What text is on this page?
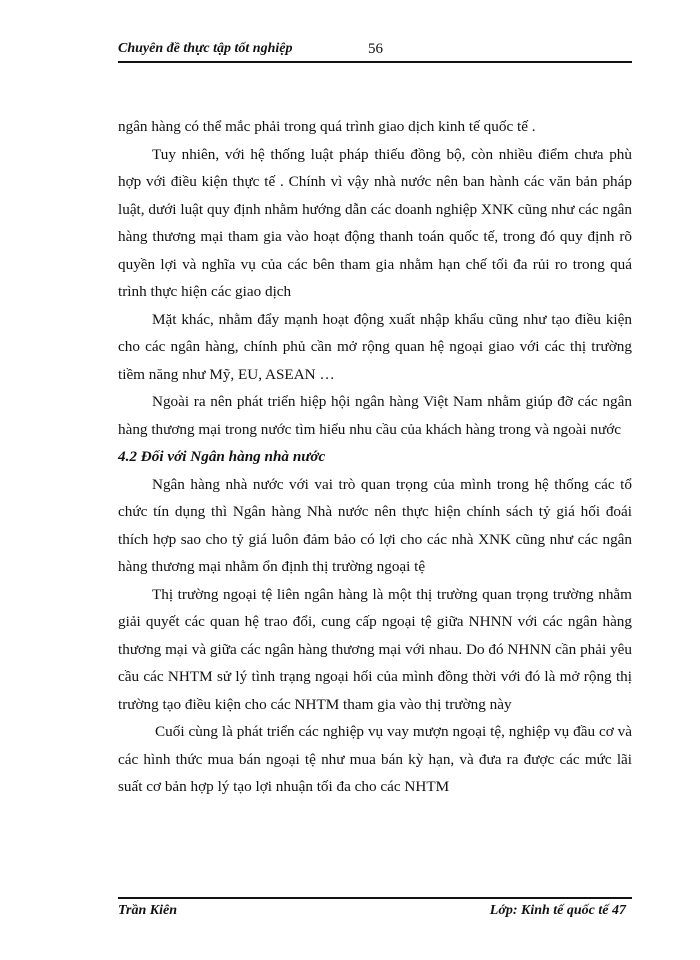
Chuyên đề thực tập tốt nghiệp	56

ngân hàng có thể mắc phải trong quá trình giao dịch kinh tế quốc tế .

Tuy nhiên, với hệ thống luật pháp thiếu đồng bộ, còn nhiều điểm chưa phù hợp với điều kiện thực tế . Chính vì vậy nhà nước nên ban hành các văn bản pháp luật, dưới luật quy định nhằm hướng dẫn các doanh nghiệp XNK cũng như các ngân hàng thương mại tham gia vào hoạt động thanh toán quốc tế, trong đó quy định rõ quyền lợi và nghĩa vụ của các bên tham gia nhằm hạn chế tối đa rủi ro trong quá trình thực hiện các giao dịch

Mặt khác, nhằm đẩy mạnh hoạt động xuất nhập khẩu cũng như tạo điều kiện cho các ngân hàng, chính phủ cần mở rộng quan hệ ngoại giao với các thị trường tiềm năng như Mỹ, EU, ASEAN …

Ngoài ra nên phát triển hiệp hội ngân hàng Việt Nam nhằm giúp đỡ các ngân hàng thương mại trong nước tìm hiểu nhu cầu của khách hàng trong và ngoài nước

4.2 Đối với Ngân hàng nhà nước

Ngân hàng nhà nước với vai trò quan trọng của mình trong hệ thống các tổ chức tín dụng thì Ngân hàng Nhà nước nên thực hiện chính sách tỷ giá hối đoái thích hợp sao cho tỷ giá luôn đảm bảo có lợi cho các nhà XNK cũng như các ngân hàng thương mại nhằm ổn định thị trường ngoại tệ

Thị trường ngoại tệ liên ngân hàng là một thị trường quan trọng trường nhằm giải quyết các quan hệ trao đổi, cung cấp ngoại tệ giữa NHNN với các ngân hàng thương mại và giữa các ngân hàng thương mại với nhau. Do đó NHNN cần phải yêu cầu các NHTM sử lý tình trạng ngoại hối của mình đồng thời với đó là mở rộng thị trường tạo điều kiện cho các NHTM tham gia vào thị trường này

Cuối cùng là phát triển các nghiệp vụ vay mượn ngoại tệ, nghiệp vụ đầu cơ và các hình thức mua bán ngoại tệ như mua bán kỳ hạn, và đưa ra được các mức lãi suất cơ bản hợp lý tạo lợi nhuận tối đa cho các NHTM

Trần Kiên	Lớp: Kinh tế quốc tế 47
